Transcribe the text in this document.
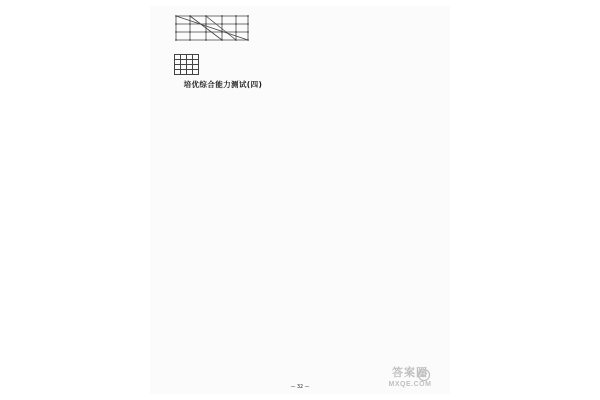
培优综合能力测试(四)
— 32 —
答案圈
MXQE.COM
